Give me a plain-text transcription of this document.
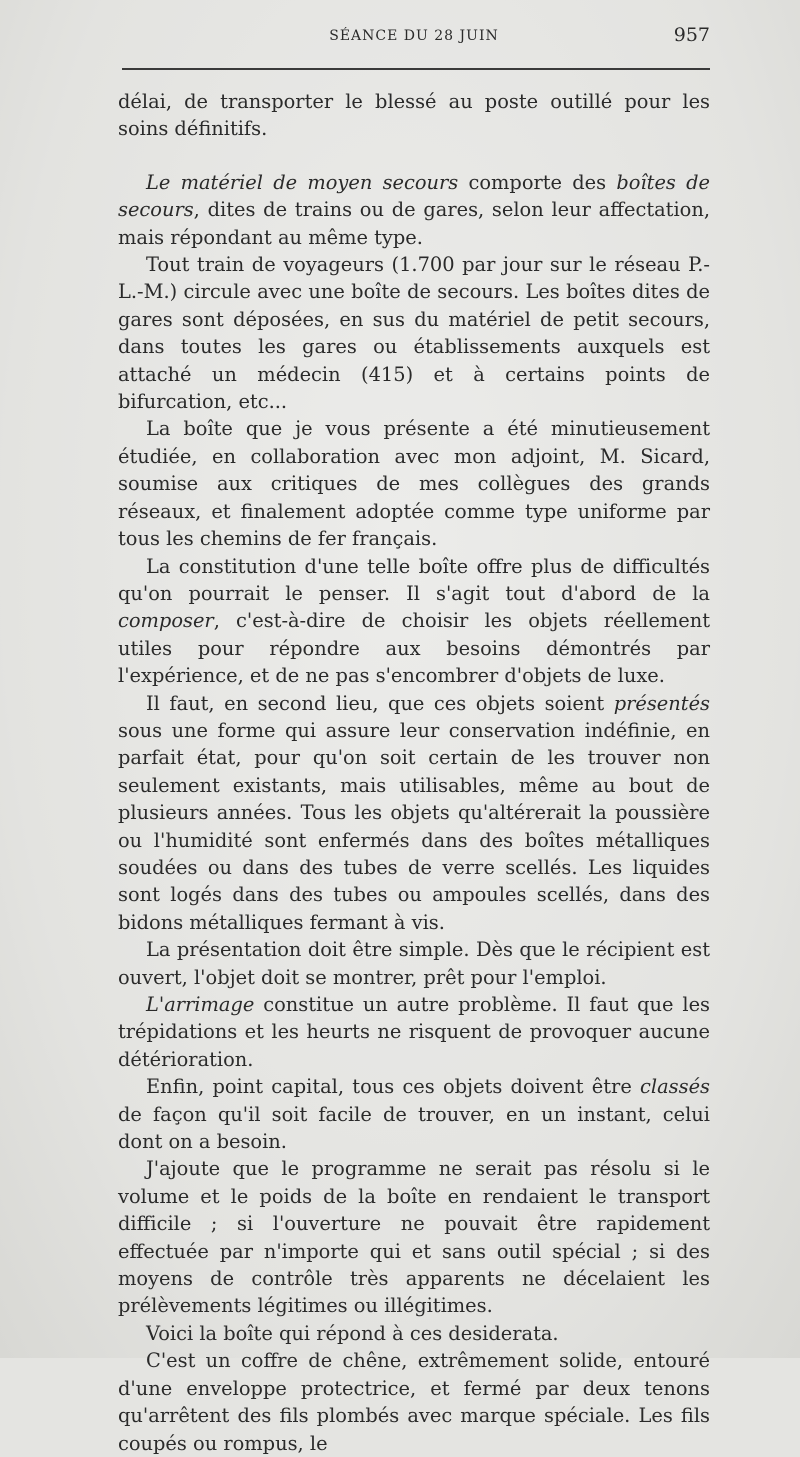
SÉANCE DU 28 JUIN	957

délai, de transporter le blessé au poste outillé pour les soins définitifs.

Le matériel de moyen secours comporte des boîtes de secours, dites de trains ou de gares, selon leur affectation, mais répondant au même type.

Tout train de voyageurs (1.700 par jour sur le réseau P.-L.-M.) circule avec une boîte de secours. Les boîtes dites de gares sont déposées, en sus du matériel de petit secours, dans toutes les gares ou établissements auxquels est attaché un médecin (415) et à certains points de bifurcation, etc...

La boîte que je vous présente a été minutieusement étudiée, en collaboration avec mon adjoint, M. Sicard, soumise aux critiques de mes collègues des grands réseaux, et finalement adoptée comme type uniforme par tous les chemins de fer français.

La constitution d'une telle boîte offre plus de difficultés qu'on pourrait le penser. Il s'agit tout d'abord de la composer, c'est-à-dire de choisir les objets réellement utiles pour répondre aux besoins démontrés par l'expérience, et de ne pas s'encombrer d'objets de luxe.

Il faut, en second lieu, que ces objets soient présentés sous une forme qui assure leur conservation indéfinie, en parfait état, pour qu'on soit certain de les trouver non seulement existants, mais utilisables, même au bout de plusieurs années. Tous les objets qu'altérerait la poussière ou l'humidité sont enfermés dans des boîtes métalliques soudées ou dans des tubes de verre scellés. Les liquides sont logés dans des tubes ou ampoules scellés, dans des bidons métalliques fermant à vis.

La présentation doit être simple. Dès que le récipient est ouvert, l'objet doit se montrer, prêt pour l'emploi.

L'arrimage constitue un autre problème. Il faut que les trépidations et les heurts ne risquent de provoquer aucune détérioration.

Enfin, point capital, tous ces objets doivent être classés de façon qu'il soit facile de trouver, en un instant, celui dont on a besoin.

J'ajoute que le programme ne serait pas résolu si le volume et le poids de la boîte en rendaient le transport difficile ; si l'ouverture ne pouvait être rapidement effectuée par n'importe qui et sans outil spécial ; si des moyens de contrôle très apparents ne décelaient les prélèvements légitimes ou illégitimes.

Voici la boîte qui répond à ces desiderata.

C'est un coffre de chêne, extrêmement solide, entouré d'une enveloppe protectrice, et fermé par deux tenons qu'arrêtent des fils plombés avec marque spéciale. Les fils coupés ou rompus, le
